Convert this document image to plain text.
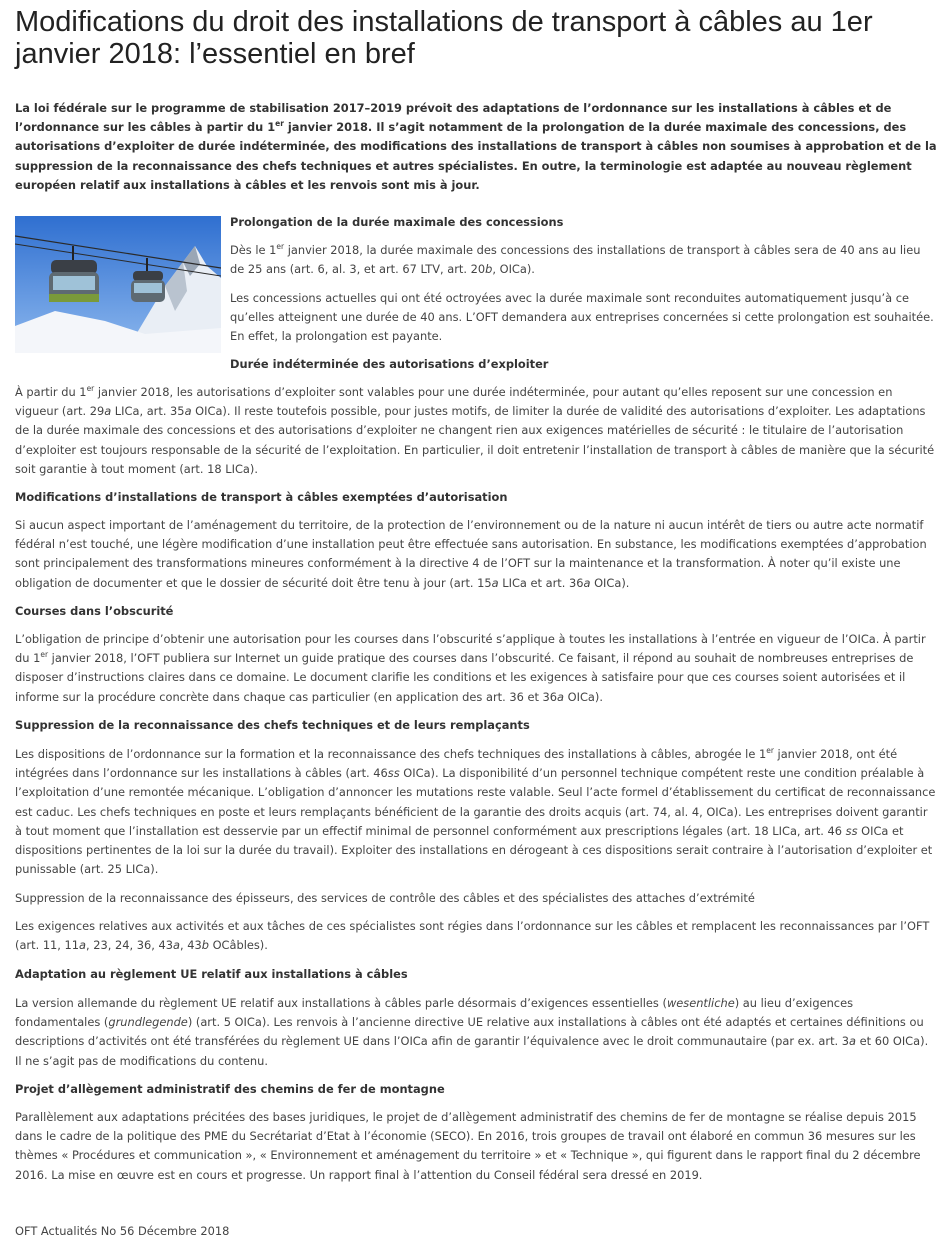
Modifications du droit des installations de transport à câbles au 1er janvier 2018: l’essentiel en bref

La loi fédérale sur le programme de stabilisation 2017–2019 prévoit des adaptations de l’ordonnance sur les installations à câbles et de l’ordonnance sur les câbles à partir du 1er janvier 2018. Il s’agit notamment de la prolongation de la durée maximale des concessions, des autorisations d’exploiter de durée indéterminée, des modifications des installations de transport à câbles non soumises à approbation et de la suppression de la reconnaissance des chefs techniques et autres spécialistes. En outre, la terminologie est adaptée au nouveau règlement européen relatif aux installations à câbles et les renvois sont mis à jour.

Prolongation de la durée maximale des concessions

Dès le 1er janvier 2018, la durée maximale des concessions des installations de transport à câbles sera de 40 ans au lieu de 25 ans (art. 6, al. 3, et art. 67 LTV, art. 20b, OICa).

Les concessions actuelles qui ont été octroyées avec la durée maximale sont reconduites automatiquement jusqu’à ce qu’elles atteignent une durée de 40 ans. L’OFT demandera aux entreprises concernées si cette prolongation est souhaitée. En effet, la prolongation est payante.

Durée indéterminée des autorisations d’exploiter

À partir du 1er janvier 2018, les autorisations d’exploiter sont valables pour une durée indéterminée, pour autant qu’elles reposent sur une concession en vigueur (art. 29a LICa, art. 35a OICa). Il reste toutefois possible, pour justes motifs, de limiter la durée de validité des autorisations d’exploiter. Les adaptations de la durée maximale des concessions et des autorisations d’exploiter ne changent rien aux exigences matérielles de sécurité : le titulaire de l’autorisation d’exploiter est toujours responsable de la sécurité de l’exploitation. En particulier, il doit entretenir l’installation de transport à câbles de manière que la sécurité soit garantie à tout moment (art. 18 LICa).

Modifications d’installations de transport à câbles exemptées d’autorisation

Si aucun aspect important de l’aménagement du territoire, de la protection de l’environnement ou de la nature ni aucun intérêt de tiers ou autre acte normatif fédéral n’est touché, une légère modification d’une installation peut être effectuée sans autorisation. En substance, les modifications exemptées d’approbation sont principalement des transformations mineures conformément à la directive 4 de l’OFT sur la maintenance et la transformation. À noter qu’il existe une obligation de documenter et que le dossier de sécurité doit être tenu à jour (art. 15a LICa et art. 36a OICa).

Courses dans l’obscurité

L’obligation de principe d’obtenir une autorisation pour les courses dans l’obscurité s’applique à toutes les installations à l’entrée en vigueur de l’OICa. À partir du 1er janvier 2018, l’OFT publiera sur Internet un guide pratique des courses dans l’obscurité. Ce faisant, il répond au souhait de nombreuses entreprises de disposer d’instructions claires dans ce domaine. Le document clarifie les conditions et les exigences à satisfaire pour que ces courses soient autorisées et il informe sur la procédure concrète dans chaque cas particulier (en application des art. 36 et 36a OICa).

Suppression de la reconnaissance des chefs techniques et de leurs remplaçants

Les dispositions de l’ordonnance sur la formation et la reconnaissance des chefs techniques des installations à câbles, abrogée le 1er janvier 2018, ont été intégrées dans l’ordonnance sur les installations à câbles (art. 46ss OICa). La disponibilité d’un personnel technique compétent reste une condition préalable à l’exploitation d’une remontée mécanique. L’obligation d’annoncer les mutations reste valable. Seul l’acte formel d’établissement du certificat de reconnaissance est caduc. Les chefs techniques en poste et leurs remplaçants bénéficient de la garantie des droits acquis (art. 74, al. 4, OICa). Les entreprises doivent garantir à tout moment que l’installation est desservie par un effectif minimal de personnel conformément aux prescriptions légales (art. 18 LICa, art. 46 ss OICa et dispositions pertinentes de la loi sur la durée du travail). Exploiter des installations en dérogeant à ces dispositions serait contraire à l’autorisation d’exploiter et punissable (art. 25 LICa).

Suppression de la reconnaissance des épisseurs, des services de contrôle des câbles et des spécialistes des attaches d’extrémité

Les exigences relatives aux activités et aux tâches de ces spécialistes sont régies dans l’ordonnance sur les câbles et remplacent les reconnaissances par l’OFT (art. 11, 11a, 23, 24, 36, 43a, 43b OCâbles).

Adaptation au règlement UE relatif aux installations à câbles

La version allemande du règlement UE relatif aux installations à câbles parle désormais d’exigences essentielles (wesentliche) au lieu d’exigences fondamentales (grundlegende) (art. 5 OICa). Les renvois à l’ancienne directive UE relative aux installations à câbles ont été adaptés et certaines définitions ou descriptions d’activités ont été transférées du règlement UE dans l’OICa afin de garantir l’équivalence avec le droit communautaire (par ex. art. 3a et 60 OICa). Il ne s’agit pas de modifications du contenu.

Projet d’allègement administratif des chemins de fer de montagne

Parallèlement aux adaptations précitées des bases juridiques, le projet de d’allègement administratif des chemins de fer de montagne se réalise depuis 2015 dans le cadre de la politique des PME du Secrétariat d’Etat à l’économie (SECO). En 2016, trois groupes de travail ont élaboré en commun 36 mesures sur les thèmes « Procédures et communication », « Environnement et aménagement du territoire » et « Technique », qui figurent dans le rapport final du 2 décembre 2016. La mise en œuvre est en cours et progresse. Un rapport final à l’attention du Conseil fédéral sera dressé en 2019.

OFT Actualités No 56 Décembre 2018
